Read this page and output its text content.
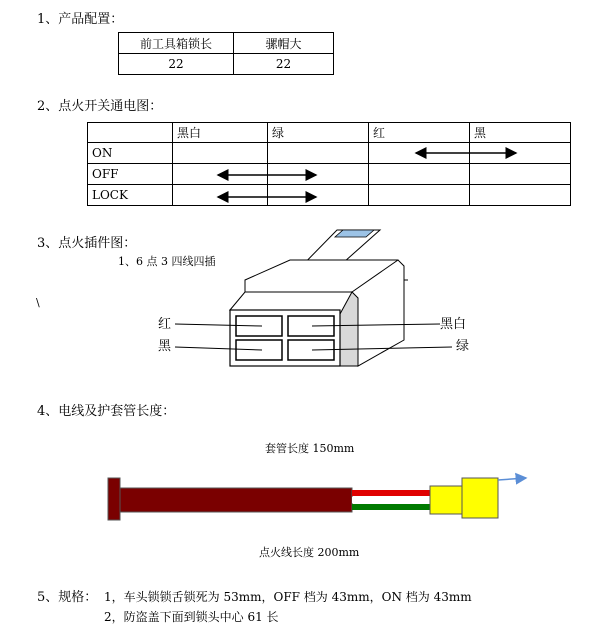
1、产品配置：
前工具箱锁长	骡帽大
22	22
2、点火开关通电图：
	黑白	绿	红	黑
ON				
OFF				
LOCK				
3、点火插件图：
1、6 点 3 四线四插
\
红
黑
黑白
绿
4、电线及护套管长度：
套管长度 150mm
点火线长度 200mm
5、规格： 1，车头锁锁舌锁死为 53mm，OFF 档为 43mm，ON 档为 43mm
2，防盗盖下面到锁头中心 61 长
